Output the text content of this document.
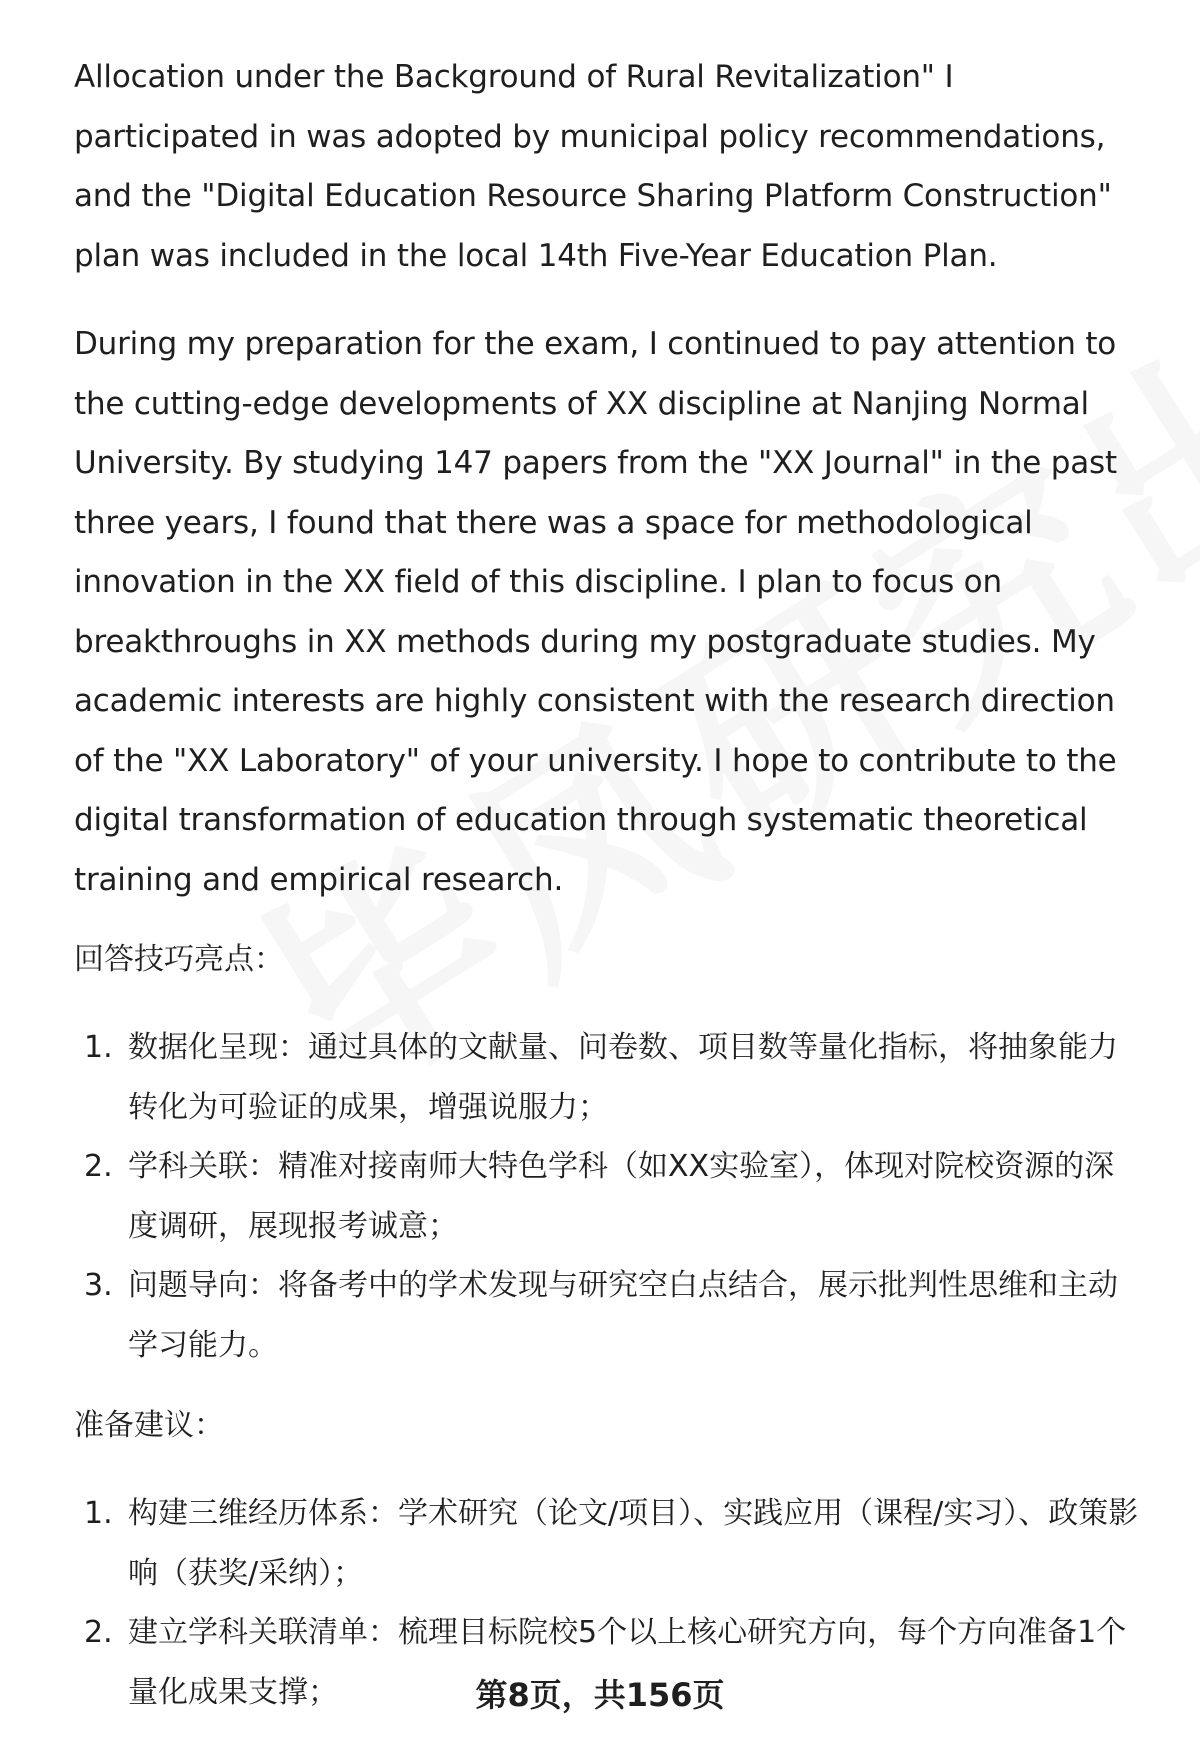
Allocation under the Background of Rural Revitalization" I participated in was adopted by municipal policy recommendations, and the "Digital Education Resource Sharing Platform Construction" plan was included in the local 14th Five-Year Education Plan.

During my preparation for the exam, I continued to pay attention to the cutting-edge developments of XX discipline at Nanjing Normal University. By studying 147 papers from the "XX Journal" in the past three years, I found that there was a space for methodological innovation in the XX field of this discipline. I plan to focus on breakthroughs in XX methods during my postgraduate studies. My academic interests are highly consistent with the research direction of the "XX Laboratory" of your university. I hope to contribute to the digital transformation of education through systematic theoretical training and empirical research.

回答技巧亮点：
1. 数据化呈现：通过具体的文献量、问卷数、项目数等量化指标，将抽象能力转化为可验证的成果，增强说服力；
2. 学科关联：精准对接南师大特色学科（如XX实验室），体现对院校资源的深度调研，展现报考诚意；
3. 问题导向：将备考中的学术发现与研究空白点结合，展示批判性思维和主动学习能力。
准备建议：
1. 构建三维经历体系：学术研究（论文/项目）、实践应用（课程/实习）、政策影响（获奖/采纳）；
2. 建立学科关联清单：梳理目标院校5个以上核心研究方向，每个方向准备1个量化成果支撑；	第8页，共156页
